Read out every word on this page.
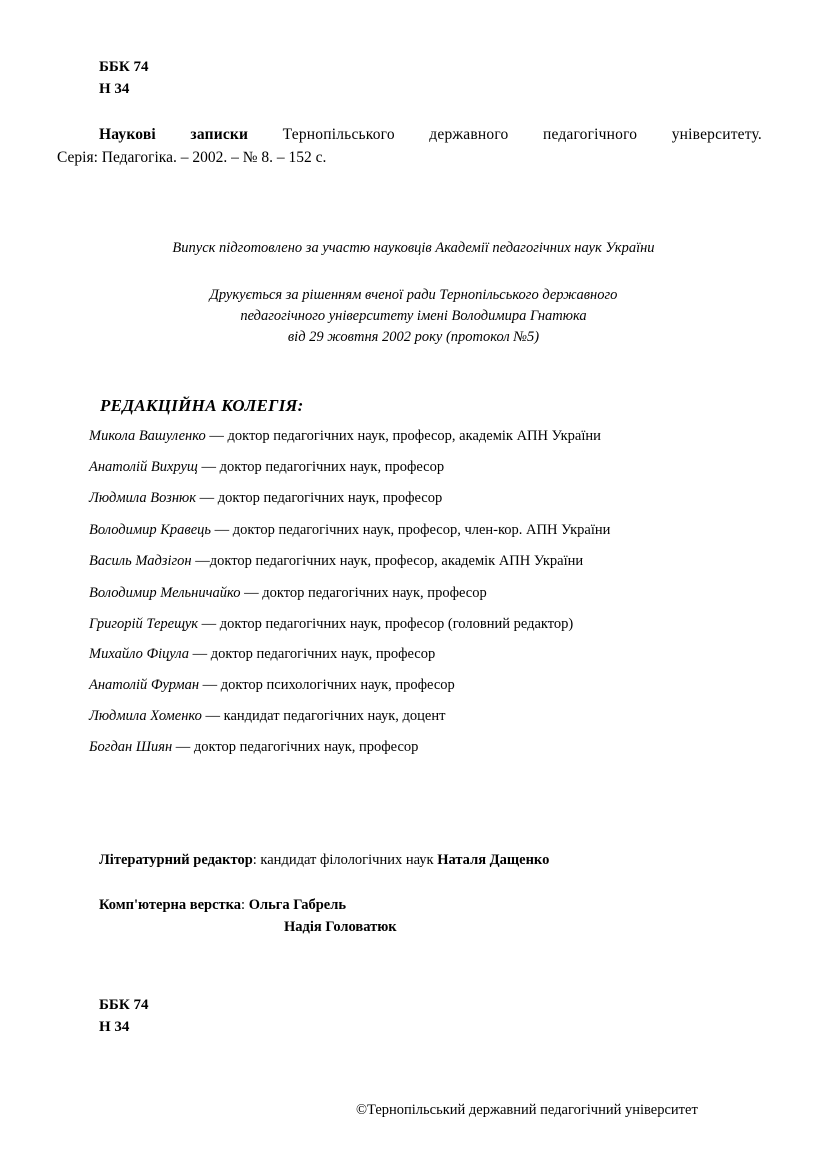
ББК 74
Н 34
Наукові записки Тернопільського державного педагогічного університету.
Серія: Педагогіка. – 2002. – № 8. – 152 с.
Випуск підготовлено за участю науковців Академії педагогічних наук України
Друкується за рішенням вченої ради Тернопільського державного
педагогічного університету імені Володимира Гнатюка
від 29 жовтня 2002 року (протокол №5)
РЕДАКЦІЙНА КОЛЕГІЯ:
Микола Вашуленко — доктор педагогічних наук, професор, академік АПН України
Анатолій Вихрущ — доктор педагогічних наук, професор
Людмила Вознюк — доктор педагогічних наук, професор
Володимир Кравець — доктор педагогічних наук, професор, член-кор. АПН України
Василь Мадзігон —доктор педагогічних наук, професор, академік АПН України
Володимир Мельничайко — доктор педагогічних наук, професор
Григорій Терещук — доктор педагогічних наук, професор (головний редактор)
Михайло Фіцула — доктор педагогічних наук, професор
Анатолій Фурман — доктор психологічних наук, професор
Людмила Хоменко — кандидат педагогічних наук, доцент
Богдан Шиян — доктор педагогічних наук, професор
Літературний редактор: кандидат філологічних наук Наталя Дащенко
Комп'ютерна верстка: Ольга Габрель
Надія Головатюк
ББК 74
Н 34
©Тернопільський державний педагогічний університет
